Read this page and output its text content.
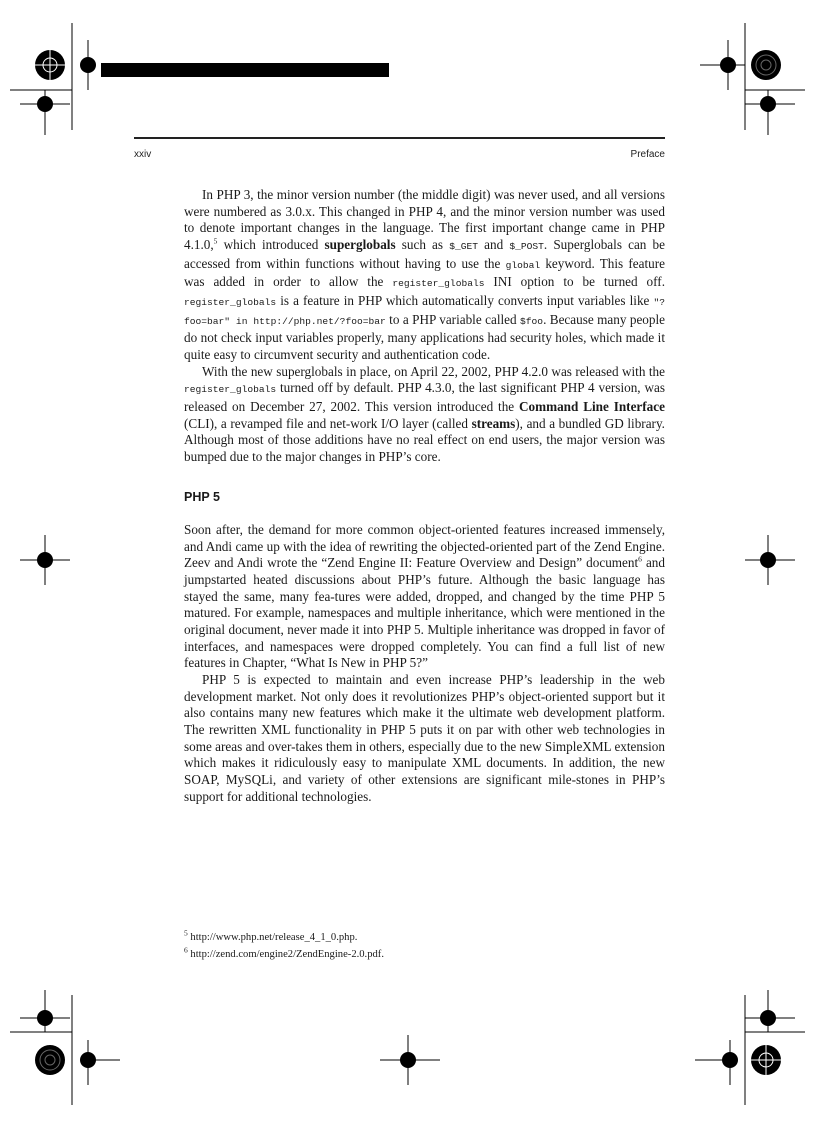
xxiv	Preface

In PHP 3, the minor version number (the middle digit) was never used, and all versions were numbered as 3.0.x. This changed in PHP 4, and the minor version number was used to denote important changes in the language. The first important change came in PHP 4.1.0,$^5$ which introduced superglobals such as $_GET and $_POST. Superglobals can be accessed from within functions without having to use the global keyword. This feature was added in order to allow the register_globals INI option to be turned off. register_globals is a feature in PHP which automatically converts input variables like "?foo=bar" in http://php.net/?foo=bar to a PHP variable called $foo. Because many people do not check input variables properly, many applications had security holes, which made it quite easy to circumvent security and authentication code.

With the new superglobals in place, on April 22, 2002, PHP 4.2.0 was released with the register_globals turned off by default. PHP 4.3.0, the last significant PHP 4 version, was released on December 27, 2002. This version introduced the Command Line Interface (CLI), a revamped file and net-work I/O layer (called streams), and a bundled GD library. Although most of those additions have no real effect on end users, the major version was bumped due to the major changes in PHP’s core.

PHP 5

Soon after, the demand for more common object-oriented features increased immensely, and Andi came up with the idea of rewriting the objected-oriented part of the Zend Engine. Zeev and Andi wrote the “Zend Engine II: Feature Overview and Design” document$^6$ and jumpstarted heated discussions about PHP’s future. Although the basic language has stayed the same, many fea-tures were added, dropped, and changed by the time PHP 5 matured. For example, namespaces and multiple inheritance, which were mentioned in the original document, never made it into PHP 5. Multiple inheritance was dropped in favor of interfaces, and namespaces were dropped completely. You can find a full list of new features in Chapter, “What Is New in PHP 5?”

PHP 5 is expected to maintain and even increase PHP’s leadership in the web development market. Not only does it revolutionizes PHP’s object-oriented support but it also contains many new features which make it the ultimate web development platform. The rewritten XML functionality in PHP 5 puts it on par with other web technologies in some areas and over-takes them in others, especially due to the new SimpleXML extension which makes it ridiculously easy to manipulate XML documents. In addition, the new SOAP, MySQLi, and variety of other extensions are significant mile-stones in PHP’s support for additional technologies.

$^5$ http://www.php.net/release_4_1_0.php.
$^6$ http://zend.com/engine2/ZendEngine-2.0.pdf.
